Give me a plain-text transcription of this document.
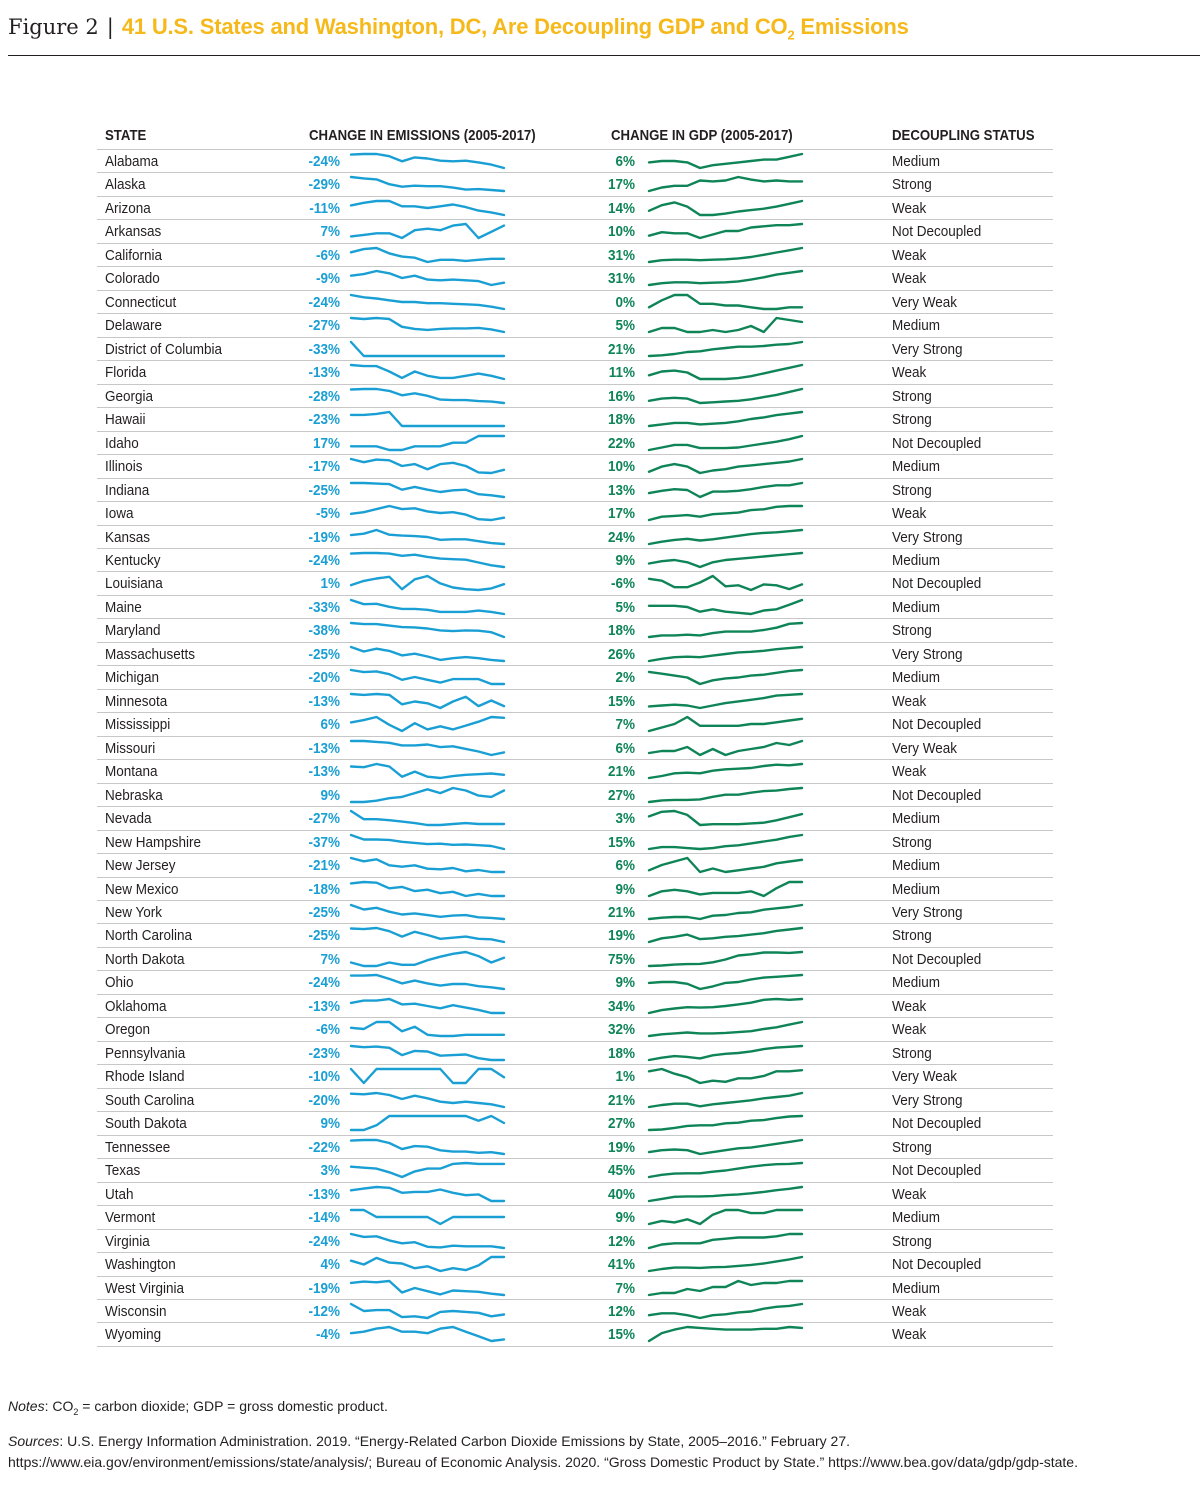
Figure 2 | 41 U.S. States and Washington, DC, Are Decoupling GDP and $CO_2$ Emissions
STATE	CHANGE IN EMISSIONS (2005-2017)	CHANGE IN GDP (2005-2017)	DECOUPLING STATUS
Alabama	-24%	6%	Medium
Alaska	-29%	17%	Strong
Arizona	-11%	14%	Weak
Arkansas	7%	10%	Not Decoupled
California	-6%	31%	Weak
Colorado	-9%	31%	Weak
Connecticut	-24%	0%	Very Weak
Delaware	-27%	5%	Medium
District of Columbia	-33%	21%	Very Strong
Florida	-13%	11%	Weak
Georgia	-28%	16%	Strong
Hawaii	-23%	18%	Strong
Idaho	17%	22%	Not Decoupled
Illinois	-17%	10%	Medium
Indiana	-25%	13%	Strong
Iowa	-5%	17%	Weak
Kansas	-19%	24%	Very Strong
Kentucky	-24%	9%	Medium
Louisiana	1%	-6%	Not Decoupled
Maine	-33%	5%	Medium
Maryland	-38%	18%	Strong
Massachusetts	-25%	26%	Very Strong
Michigan	-20%	2%	Medium
Minnesota	-13%	15%	Weak
Mississippi	6%	7%	Not Decoupled
Missouri	-13%	6%	Very Weak
Montana	-13%	21%	Weak
Nebraska	9%	27%	Not Decoupled
Nevada	-27%	3%	Medium
New Hampshire	-37%	15%	Strong
New Jersey	-21%	6%	Medium
New Mexico	-18%	9%	Medium
New York	-25%	21%	Very Strong
North Carolina	-25%	19%	Strong
North Dakota	7%	75%	Not Decoupled
Ohio	-24%	9%	Medium
Oklahoma	-13%	34%	Weak
Oregon	-6%	32%	Weak
Pennsylvania	-23%	18%	Strong
Rhode Island	-10%	1%	Very Weak
South Carolina	-20%	21%	Very Strong
South Dakota	9%	27%	Not Decoupled
Tennessee	-22%	19%	Strong
Texas	3%	45%	Not Decoupled
Utah	-13%	40%	Weak
Vermont	-14%	9%	Medium
Virginia	-24%	12%	Strong
Washington	4%	41%	Not Decoupled
West Virginia	-19%	7%	Medium
Wisconsin	-12%	12%	Weak
Wyoming	-4%	15%	Weak
Notes: $CO_2$ = carbon dioxide; GDP = gross domestic product.
Sources: U.S. Energy Information Administration. 2019. “Energy-Related Carbon Dioxide Emissions by State, 2005–2016.” February 27. https://www.eia.gov/environment/emissions/state/analysis/; Bureau of Economic Analysis. 2020. “Gross Domestic Product by State.” https://www.bea.gov/data/gdp/gdp-state.
